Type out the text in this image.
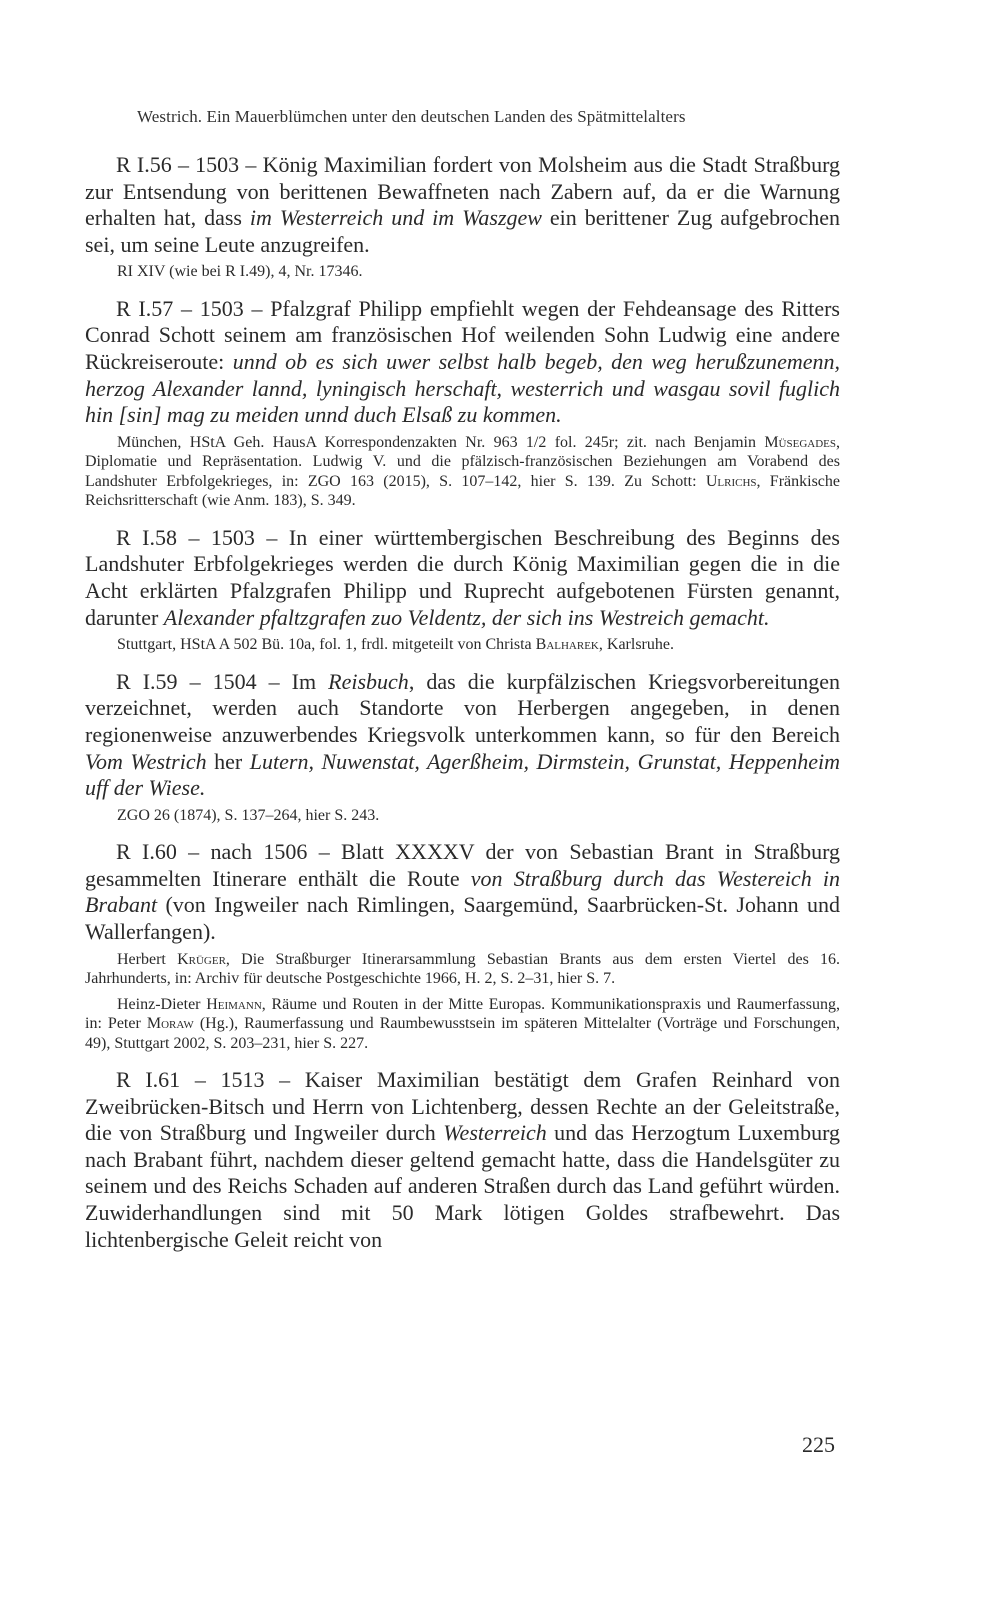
Westrich. Ein Mauerblümchen unter den deutschen Landen des Spätmittelalters

R I.56 – 1503 – König Maximilian fordert von Molsheim aus die Stadt Straßburg zur Entsendung von berittenen Bewaffneten nach Zabern auf, da er die Warnung erhalten hat, dass im Westerreich und im Waszgew ein berittener Zug aufgebrochen sei, um seine Leute anzugreifen.

RI XIV (wie bei R I.49), 4, Nr. 17346.

R I.57 – 1503 – Pfalzgraf Philipp empfiehlt wegen der Fehdeansage des Ritters Conrad Schott seinem am französischen Hof weilenden Sohn Ludwig eine andere Rückreiseroute: unnd ob es sich uwer selbst halb begeb, den weg herußzunemenn, herzog Alexander lannd, lyningisch herschaft, westerrich und wasgau sovil fuglich hin [sin] mag zu meiden unnd duch Elsaß zu kommen.

München, HStA Geh. HausA Korrespondenzakten Nr. 963 1/2 fol. 245r; zit. nach Benjamin Müsegades, Diplomatie und Repräsentation. Ludwig V. und die pfälzisch-französischen Beziehungen am Vorabend des Landshuter Erbfolgekrieges, in: ZGO 163 (2015), S. 107–142, hier S. 139. Zu Schott: Ulrichs, Fränkische Reichsritterschaft (wie Anm. 183), S. 349.

R I.58 – 1503 – In einer württembergischen Beschreibung des Beginns des Landshuter Erbfolgekrieges werden die durch König Maximilian gegen die in die Acht erklärten Pfalzgrafen Philipp und Ruprecht aufgebotenen Fürsten genannt, darunter Alexander pfaltzgrafen zuo Veldentz, der sich ins Westreich gemacht.

Stuttgart, HStA A 502 Bü. 10a, fol. 1, frdl. mitgeteilt von Christa Balharek, Karlsruhe.

R I.59 – 1504 – Im Reisbuch, das die kurpfälzischen Kriegsvorbereitungen verzeichnet, werden auch Standorte von Herbergen angegeben, in denen regionenweise anzuwerbendes Kriegsvolk unterkommen kann, so für den Bereich Vom Westrich her Lutern, Nuwenstat, Agerßheim, Dirmstein, Grunstat, Heppenheim uff der Wiese.

ZGO 26 (1874), S. 137–264, hier S. 243.

R I.60 – nach 1506 – Blatt XXXXV der von Sebastian Brant in Straßburg gesammelten Itinerare enthält die Route von Straßburg durch das Westereich in Brabant (von Ingweiler nach Rimlingen, Saargemünd, Saarbrücken-St. Johann und Wallerfangen).

Herbert Krüger, Die Straßburger Itinerarsammlung Sebastian Brants aus dem ersten Viertel des 16. Jahrhunderts, in: Archiv für deutsche Postgeschichte 1966, H. 2, S. 2–31, hier S. 7.

Heinz-Dieter Heimann, Räume und Routen in der Mitte Europas. Kommunikationspraxis und Raumerfassung, in: Peter Moraw (Hg.), Raumerfassung und Raumbewusstsein im späteren Mittelalter (Vorträge und Forschungen, 49), Stuttgart 2002, S. 203–231, hier S. 227.

R I.61 – 1513 – Kaiser Maximilian bestätigt dem Grafen Reinhard von Zweibrücken-Bitsch und Herrn von Lichtenberg, dessen Rechte an der Geleitstraße, die von Straßburg und Ingweiler durch Westerreich und das Herzogtum Luxemburg nach Brabant führt, nachdem dieser geltend gemacht hatte, dass die Handelsgüter zu seinem und des Reichs Schaden auf anderen Straßen durch das Land geführt würden. Zuwiderhandlungen sind mit 50 Mark lötigen Goldes strafbewehrt. Das lichtenbergische Geleit reicht von

225
